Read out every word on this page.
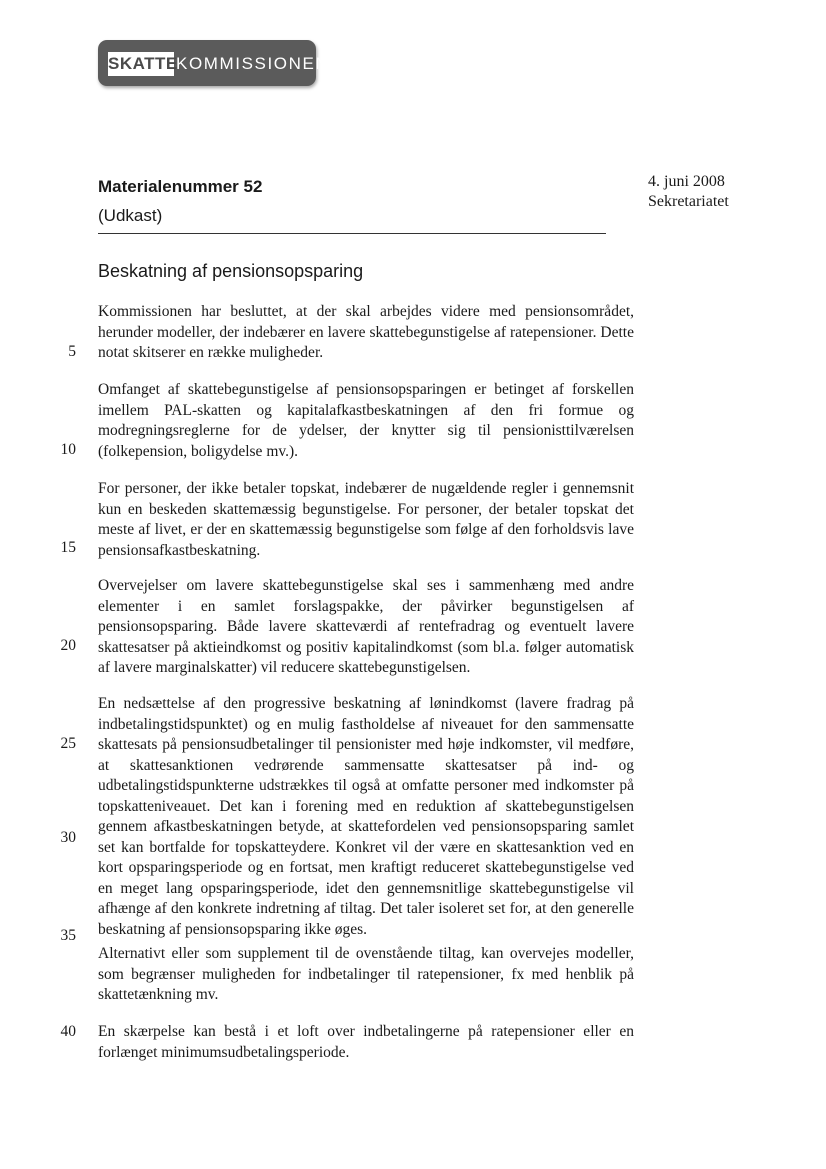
SKATTE
KOMMISSIONEN
Materialenummer 52
(Udkast)
4. juni 2008
Sekretariatet
Beskatning af pensionsopsparing
Kommissionen har besluttet, at der skal arbejdes videre med pensionsområdet, herunder modeller, der indebærer en lavere skattebegunstigelse af ratepensioner. Dette notat skitserer en række muligheder.
Omfanget af skattebegunstigelse af pensionsopsparingen er betinget af forskellen imellem PAL-skatten og kapitalafkastbeskatningen af den fri formue og modregningsreglerne for de ydelser, der knytter sig til pensionisttilværelsen (folkepension, boligydelse mv.).
For personer, der ikke betaler topskat, indebærer de nugældende regler i gennemsnit kun en beskeden skattemæssig begunstigelse. For personer, der betaler topskat det meste af livet, er der en skattemæssig begunstigelse som følge af den forholdsvis lave pensionsafkastbeskatning.
Overvejelser om lavere skattebegunstigelse skal ses i sammenhæng med andre elementer i en samlet forslagspakke, der påvirker begunstigelsen af pensionsopsparing. Både lavere skatteværdi af rentefradrag og eventuelt lavere skattesatser på aktieindkomst og positiv kapitalindkomst (som bl.a. følger automatisk af lavere marginalskatter) vil reducere skattebegunstigelsen.
En nedsættelse af den progressive beskatning af lønindkomst (lavere fradrag på indbetalingstidspunktet) og en mulig fastholdelse af niveauet for den sammensatte skattesats på pensionsudbetalinger til pensionister med høje indkomster, vil medføre, at skattesanktionen vedrørende sammensatte skattesatser på ind- og udbetalingstidspunkterne udstrækkes til også at omfatte personer med indkomster på topskatteniveauet. Det kan i forening med en reduktion af skattebegunstigelsen gennem afkastbeskatningen betyde, at skattefordelen ved pensionsopsparing samlet set kan bortfalde for topskatteydere. Konkret vil der være en skattesanktion ved en kort opsparingsperiode og en fortsat, men kraftigt reduceret skattebegunstigelse ved en meget lang opsparingsperiode, idet den gennemsnitlige skattebegunstigelse vil afhænge af den konkrete indretning af tiltag. Det taler isoleret set for, at den generelle beskatning af pensionsopsparing ikke øges.
Alternativt eller som supplement til de ovenstående tiltag, kan overvejes modeller, som begrænser muligheden for indbetalinger til ratepensioner, fx med henblik på skattetænkning mv.
En skærpelse kan bestå i et loft over indbetalingerne på ratepensioner eller en forlænget minimumsudbetalingsperiode.
5
10
15
20
25
30
35
40
